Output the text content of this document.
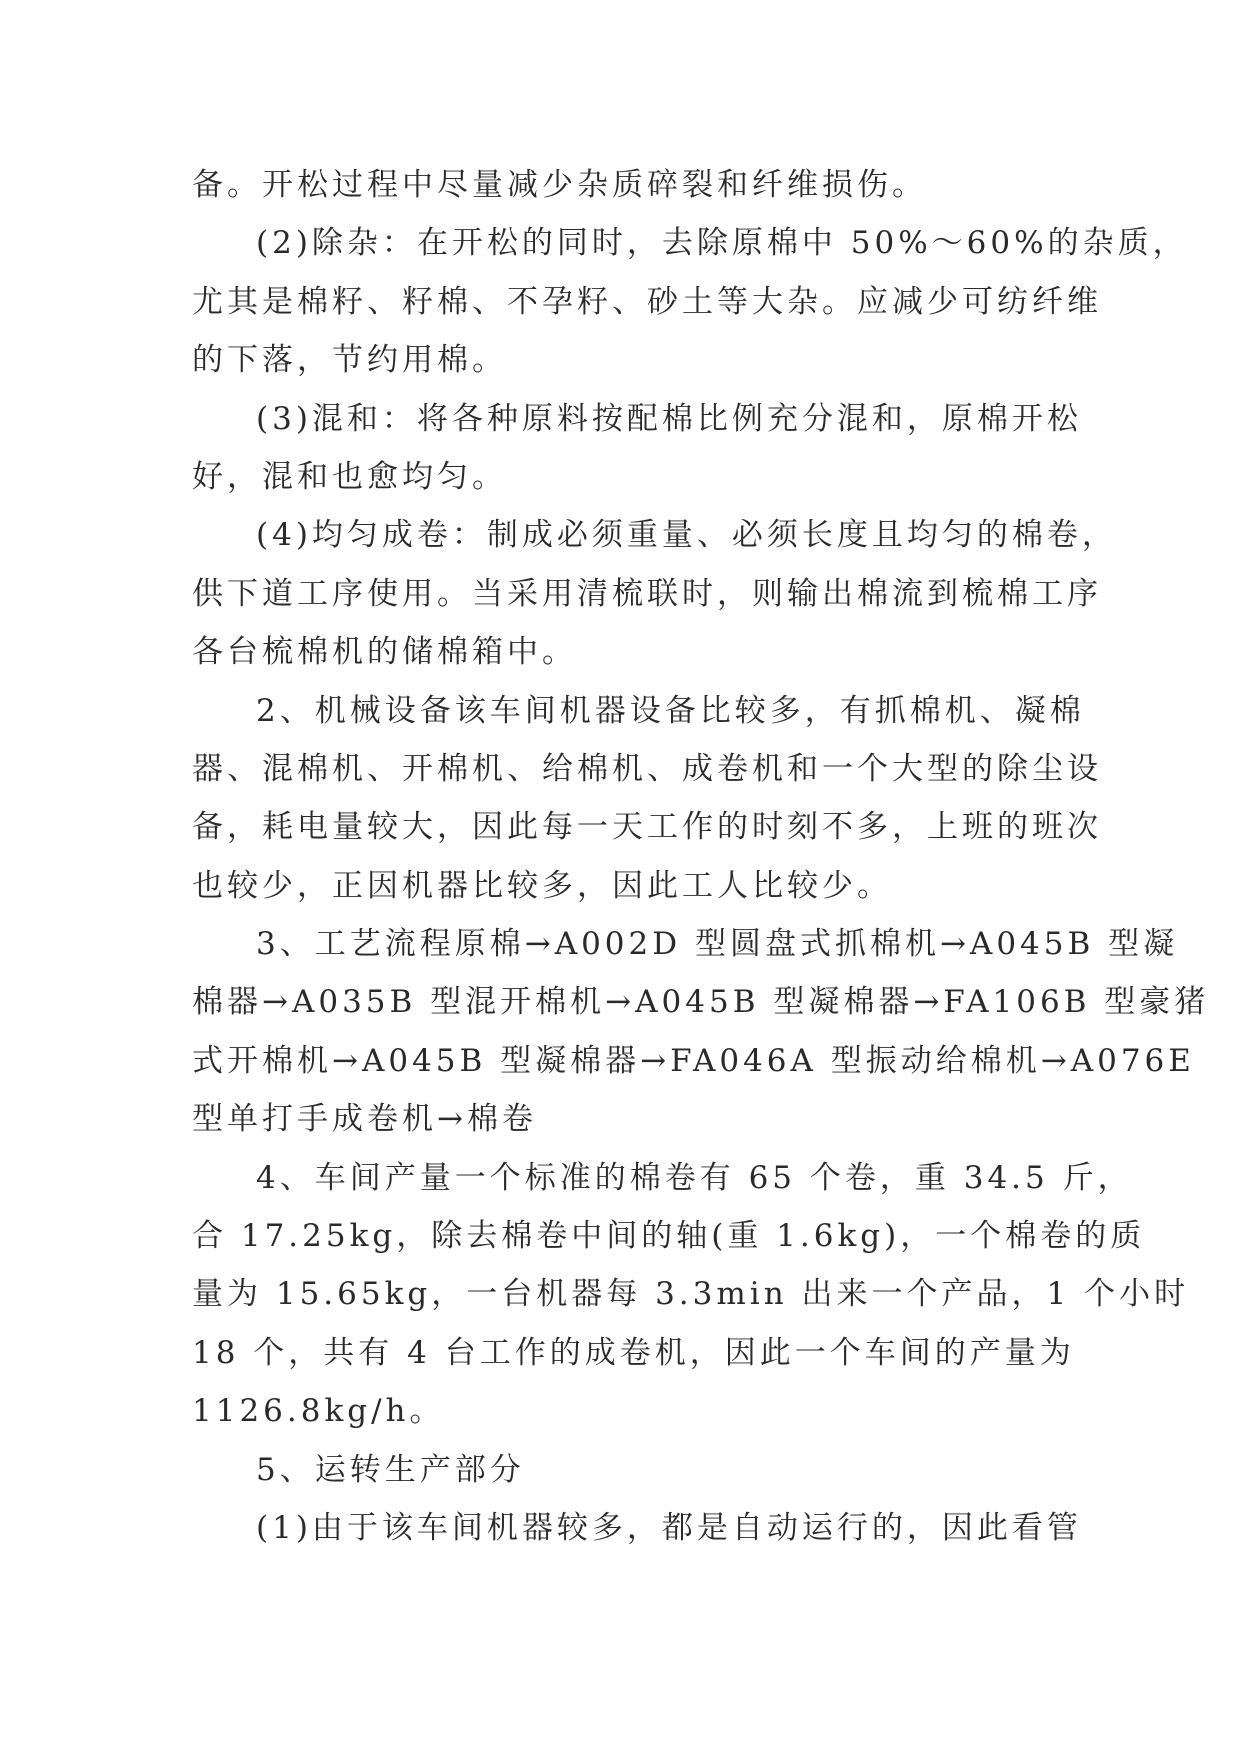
备。开松过程中尽量减少杂质碎裂和纤维损伤。
(2)除杂：在开松的同时，去除原棉中 50%～60%的杂质，
尤其是棉籽、籽棉、不孕籽、砂土等大杂。应减少可纺纤维
的下落，节约用棉。
(3)混和：将各种原料按配棉比例充分混和，原棉开松
好，混和也愈均匀。
(4)均匀成卷：制成必须重量、必须长度且均匀的棉卷，
供下道工序使用。当采用清梳联时，则输出棉流到梳棉工序
各台梳棉机的储棉箱中。
2、机械设备该车间机器设备比较多，有抓棉机、凝棉
器、混棉机、开棉机、给棉机、成卷机和一个大型的除尘设
备，耗电量较大，因此每一天工作的时刻不多，上班的班次
也较少，正因机器比较多，因此工人比较少。
3、工艺流程原棉→A002D 型圆盘式抓棉机→A045B 型凝
棉器→A035B 型混开棉机→A045B 型凝棉器→FA106B 型豪猪
式开棉机→A045B 型凝棉器→FA046A 型振动给棉机→A076E
型单打手成卷机→棉卷
4、车间产量一个标准的棉卷有 65 个卷，重 34.5 斤，
合 17.25kg，除去棉卷中间的轴(重 1.6kg)，一个棉卷的质
量为 15.65kg，一台机器每 3.3min 出来一个产品，1 个小时
18 个，共有 4 台工作的成卷机，因此一个车间的产量为
1126.8kg/h。
5、运转生产部分
(1)由于该车间机器较多，都是自动运行的，因此看管
